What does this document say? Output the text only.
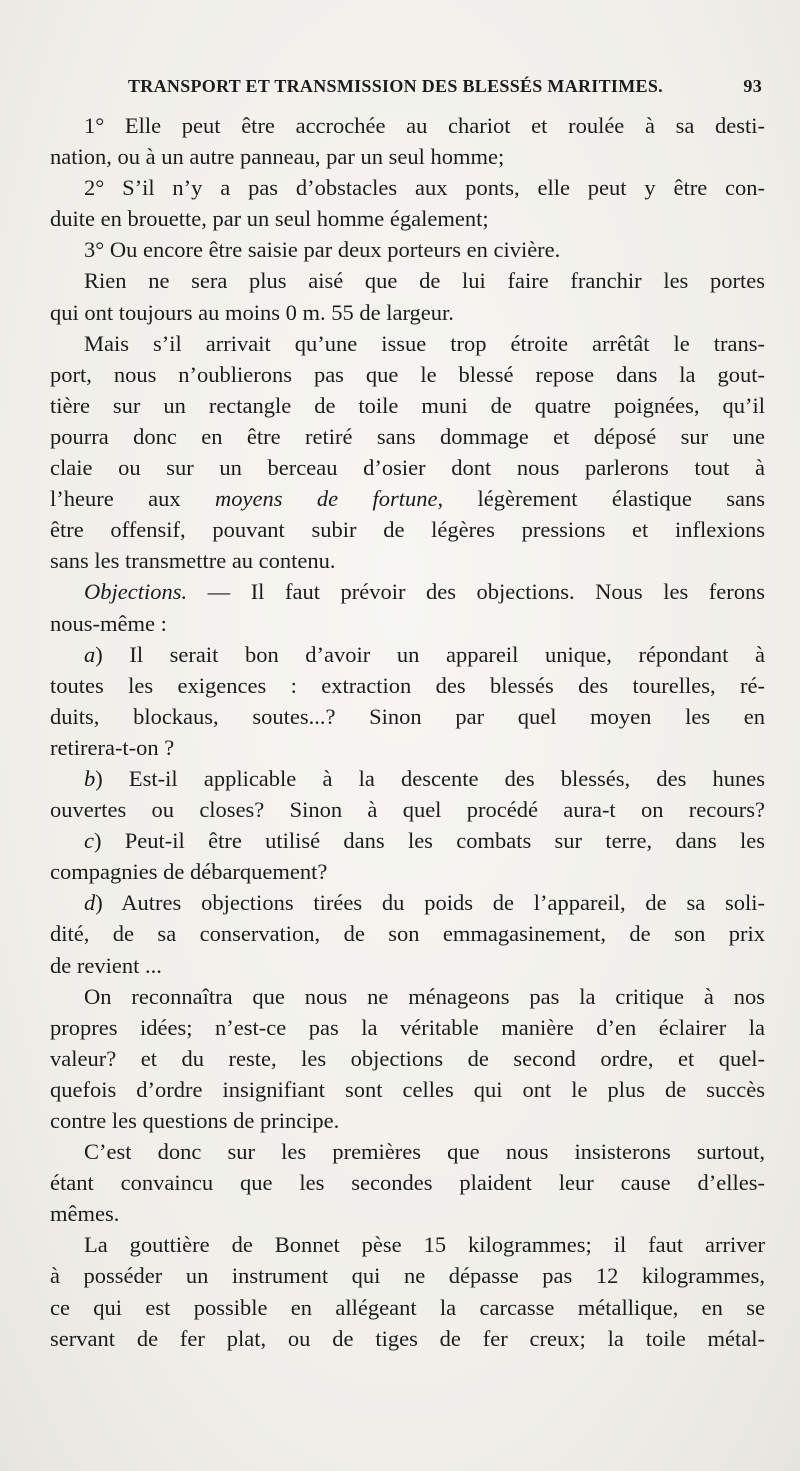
TRANSPORT ET TRANSMISSION DES BLESSÉS MARITIMES.	93
1° Elle peut être accrochée au chariot et roulée à sa desti-
nation, ou à un autre panneau, par un seul homme;
2° S’il n’y a pas d’obstacles aux ponts, elle peut y être con-
duite en brouette, par un seul homme également;
3° Ou encore être saisie par deux porteurs en civière.
Rien ne sera plus aisé que de lui faire franchir les portes
qui ont toujours au moins 0 m. 55 de largeur.
Mais s’il arrivait qu’une issue trop étroite arrêtât le trans-
port, nous n’oublierons pas que le blessé repose dans la gout-
tière sur un rectangle de toile muni de quatre poignées, qu’il
pourra donc en être retiré sans dommage et déposé sur une
claie ou sur un berceau d’osier dont nous parlerons tout à
l’heure aux moyens de fortune, légèrement élastique sans
être offensif, pouvant subir de légères pressions et inflexions
sans les transmettre au contenu.
Objections. — Il faut prévoir des objections. Nous les ferons
nous-même :
a) Il serait bon d’avoir un appareil unique, répondant à
toutes les exigences : extraction des blessés des tourelles, ré-
duits, blockaus, soutes...? Sinon par quel moyen les en
retirera-t-on ?
b) Est-il applicable à la descente des blessés, des hunes
ouvertes ou closes? Sinon à quel procédé aura-t on recours?
c) Peut-il être utilisé dans les combats sur terre, dans les
compagnies de débarquement?
d) Autres objections tirées du poids de l’appareil, de sa soli-
dité, de sa conservation, de son emmagasinement, de son prix
de revient ...
On reconnaîtra que nous ne ménageons pas la critique à nos
propres idées; n’est-ce pas la véritable manière d’en éclairer la
valeur? et du reste, les objections de second ordre, et quel-
quefois d’ordre insignifiant sont celles qui ont le plus de succès
contre les questions de principe.
C’est donc sur les premières que nous insisterons surtout,
étant convaincu que les secondes plaident leur cause d’elles-
mêmes.
La gouttière de Bonnet pèse 15 kilogrammes; il faut arriver
à posséder un instrument qui ne dépasse pas 12 kilogrammes,
ce qui est possible en allégeant la carcasse métallique, en se
servant de fer plat, ou de tiges de fer creux; la toile métal-
